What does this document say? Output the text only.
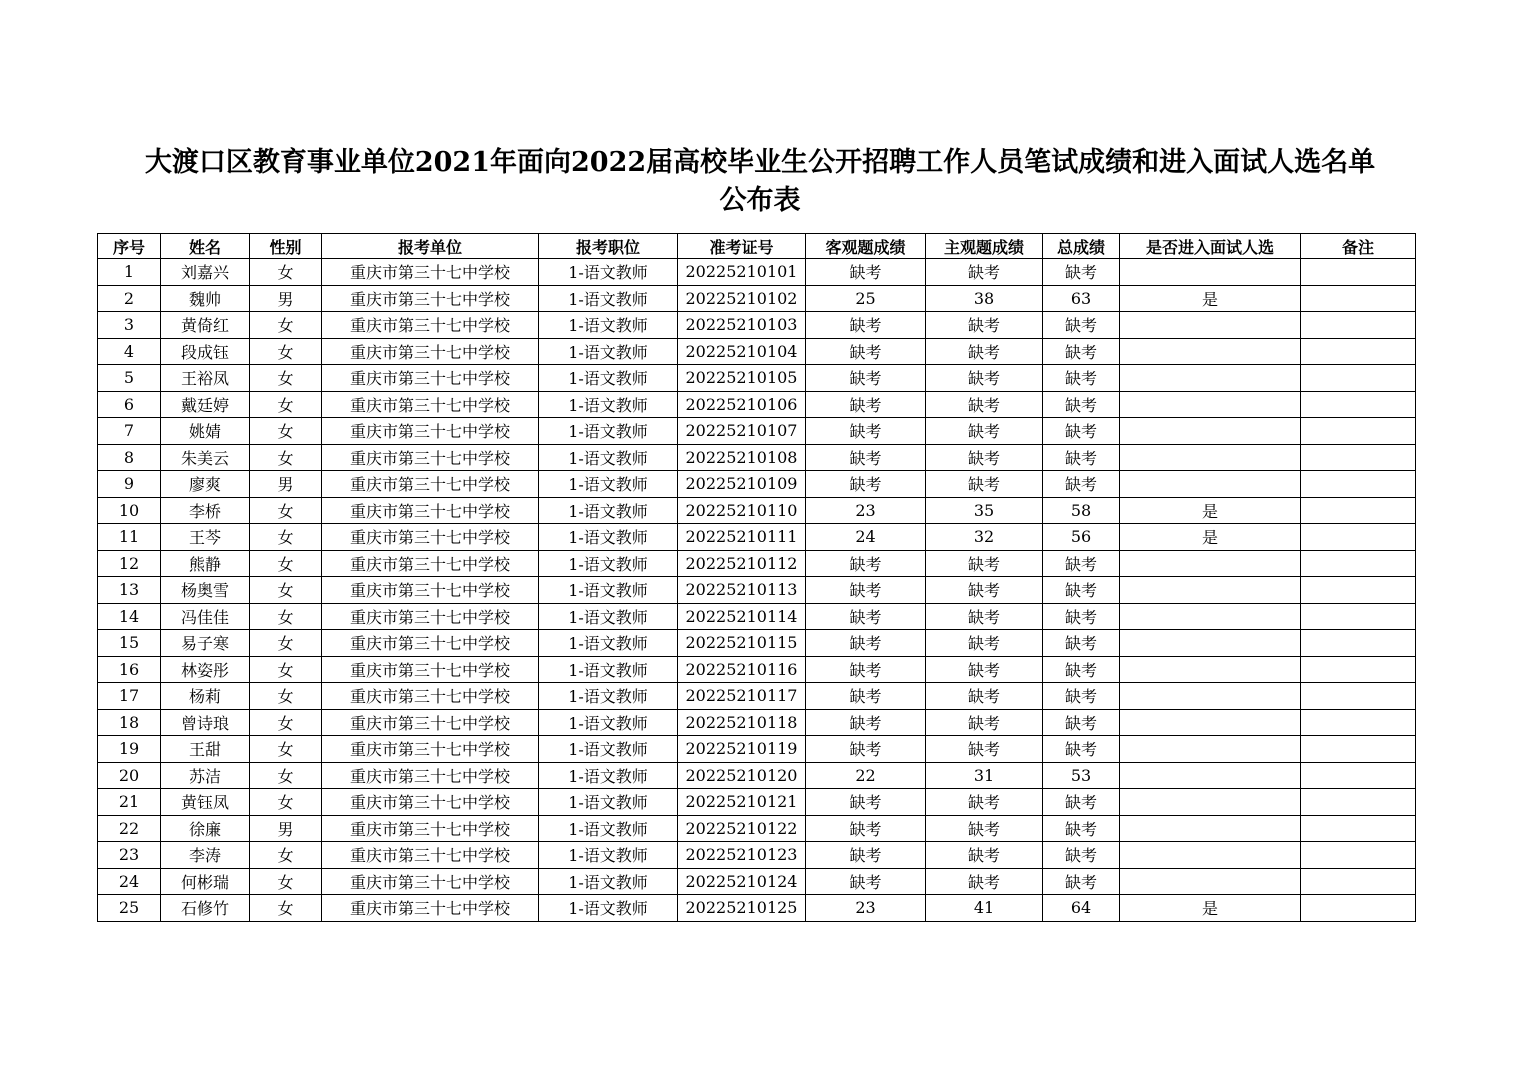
大渡口区教育事业单位2021年面向2022届高校毕业生公开招聘工作人员笔试成绩和进入面试人选名单
公布表
序号	姓名	性别	报考单位	报考职位	准考证号	客观题成绩	主观题成绩	总成绩	是否进入面试人选	备注
1	刘嘉兴	女	重庆市第三十七中学校	1-语文教师	20225210101	缺考	缺考	缺考		
2	魏帅	男	重庆市第三十七中学校	1-语文教师	20225210102	25	38	63	是	
3	黄倚红	女	重庆市第三十七中学校	1-语文教师	20225210103	缺考	缺考	缺考		
4	段成钰	女	重庆市第三十七中学校	1-语文教师	20225210104	缺考	缺考	缺考		
5	王裕凤	女	重庆市第三十七中学校	1-语文教师	20225210105	缺考	缺考	缺考		
6	戴廷婷	女	重庆市第三十七中学校	1-语文教师	20225210106	缺考	缺考	缺考		
7	姚婧	女	重庆市第三十七中学校	1-语文教师	20225210107	缺考	缺考	缺考		
8	朱美云	女	重庆市第三十七中学校	1-语文教师	20225210108	缺考	缺考	缺考		
9	廖爽	男	重庆市第三十七中学校	1-语文教师	20225210109	缺考	缺考	缺考		
10	李桥	女	重庆市第三十七中学校	1-语文教师	20225210110	23	35	58	是	
11	王芩	女	重庆市第三十七中学校	1-语文教师	20225210111	24	32	56	是	
12	熊静	女	重庆市第三十七中学校	1-语文教师	20225210112	缺考	缺考	缺考		
13	杨奥雪	女	重庆市第三十七中学校	1-语文教师	20225210113	缺考	缺考	缺考		
14	冯佳佳	女	重庆市第三十七中学校	1-语文教师	20225210114	缺考	缺考	缺考		
15	易子寒	女	重庆市第三十七中学校	1-语文教师	20225210115	缺考	缺考	缺考		
16	林姿彤	女	重庆市第三十七中学校	1-语文教师	20225210116	缺考	缺考	缺考		
17	杨莉	女	重庆市第三十七中学校	1-语文教师	20225210117	缺考	缺考	缺考		
18	曾诗琅	女	重庆市第三十七中学校	1-语文教师	20225210118	缺考	缺考	缺考		
19	王甜	女	重庆市第三十七中学校	1-语文教师	20225210119	缺考	缺考	缺考		
20	苏洁	女	重庆市第三十七中学校	1-语文教师	20225210120	22	31	53		
21	黄钰凤	女	重庆市第三十七中学校	1-语文教师	20225210121	缺考	缺考	缺考		
22	徐廉	男	重庆市第三十七中学校	1-语文教师	20225210122	缺考	缺考	缺考		
23	李涛	女	重庆市第三十七中学校	1-语文教师	20225210123	缺考	缺考	缺考		
24	何彬瑞	女	重庆市第三十七中学校	1-语文教师	20225210124	缺考	缺考	缺考		
25	石修竹	女	重庆市第三十七中学校	1-语文教师	20225210125	23	41	64	是	
